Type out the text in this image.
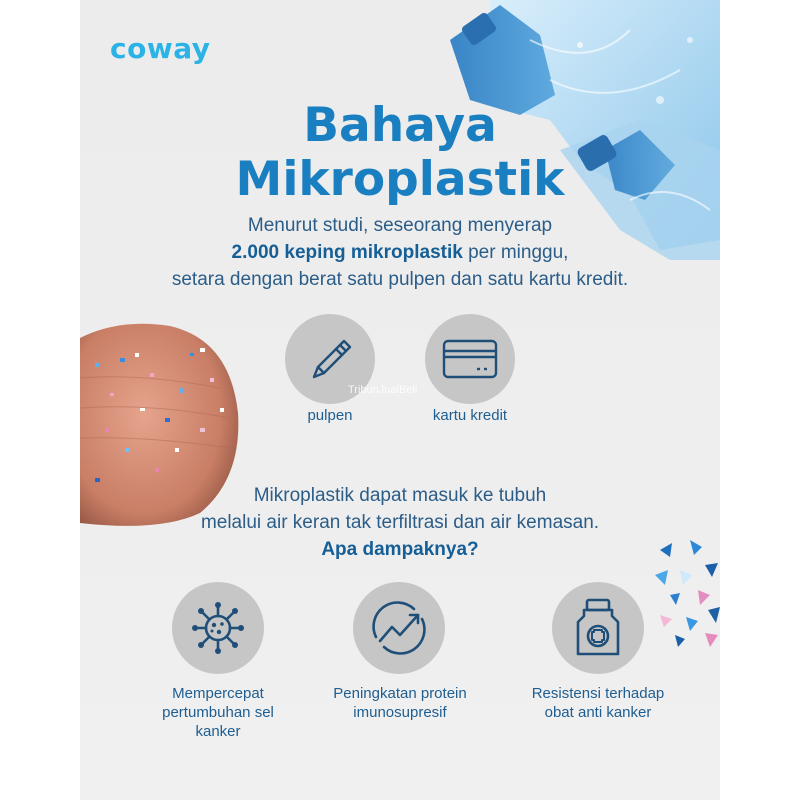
coway
Bahaya
Mikroplastik
Menurut studi, seseorang menyerap
2.000 keping mikroplastik per minggu,
setara dengan berat satu pulpen dan satu kartu kredit.
pulpen	kartu kredit
TribunJualBeli
Mikroplastik dapat masuk ke tubuh
melalui air keran tak terfiltrasi dan air kemasan.
Apa dampaknya?
Mempercepat
pertumbuhan sel kanker
Peningkatan protein
imunosupresif
Resistensi terhadap
obat anti kanker
